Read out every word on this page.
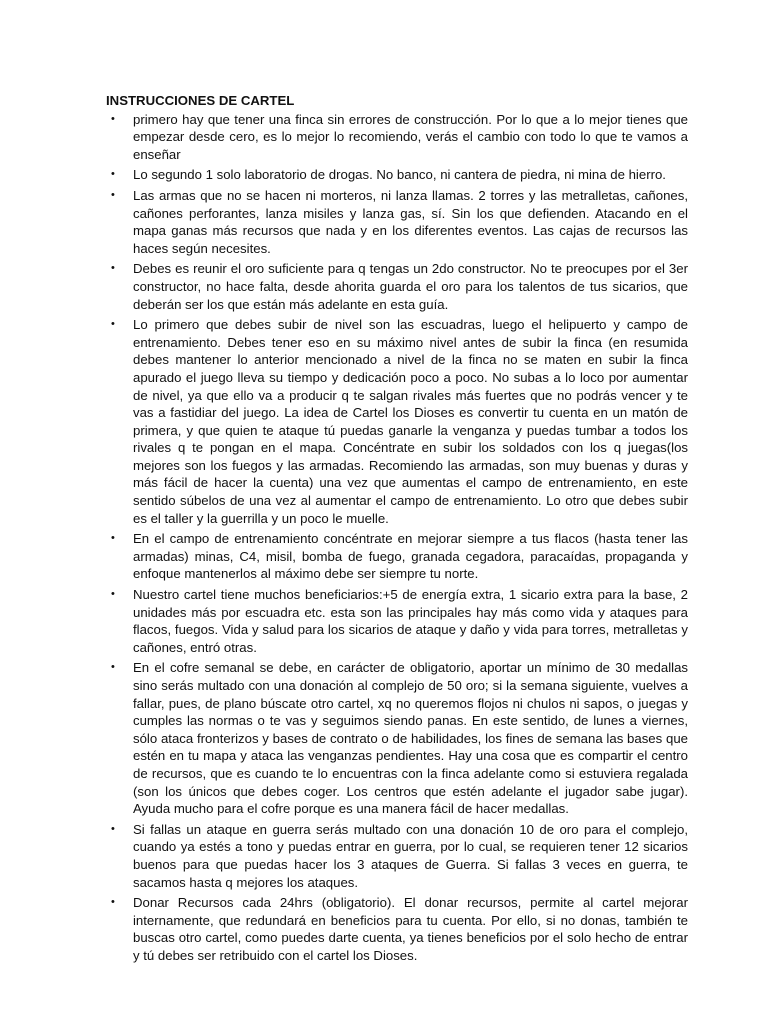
INSTRUCCIONES DE CARTEL
• primero hay que tener una finca sin errores de construcción. Por lo que a lo mejor tienes que empezar desde cero, es lo mejor lo recomiendo, verás el cambio con todo lo que te vamos a enseñar
• Lo segundo 1 solo laboratorio de drogas. No banco, ni cantera de piedra, ni mina de hierro.
• Las armas que no se hacen ni morteros, ni lanza llamas. 2 torres y las metralletas, cañones, cañones perforantes, lanza misiles y lanza gas, sí. Sin los que defienden. Atacando en el mapa ganas más recursos que nada y en los diferentes eventos. Las cajas de recursos las haces según necesites.
• Debes es reunir el oro suficiente para q tengas un 2do constructor. No te preocupes por el 3er constructor, no hace falta, desde ahorita guarda el oro para los talentos de tus sicarios, que deberán ser los que están más adelante en esta guía.
• Lo primero que debes subir de nivel son las escuadras, luego el helipuerto y campo de entrenamiento. Debes tener eso en su máximo nivel antes de subir la finca (en resumida debes mantener lo anterior mencionado a nivel de la finca no se maten en subir la finca apurado el juego lleva su tiempo y dedicación poco a poco. No subas a lo loco por aumentar de nivel, ya que ello va a producir q te salgan rivales más fuertes que no podrás vencer y te vas a fastidiar del juego. La idea de Cartel los Dioses es convertir tu cuenta en un matón de primera, y que quien te ataque tú puedas ganarle la venganza y puedas tumbar a todos los rivales q te pongan en el mapa. Concéntrate en subir los soldados con los q juegas(los mejores son los fuegos y las armadas. Recomiendo las armadas, son muy buenas y duras y más fácil de hacer la cuenta) una vez que aumentas el campo de entrenamiento, en este sentido súbelos de una vez al aumentar el campo de entrenamiento. Lo otro que debes subir es el taller y la guerrilla y un poco le muelle.
• En el campo de entrenamiento concéntrate en mejorar siempre a tus flacos (hasta tener las armadas) minas, C4, misil, bomba de fuego, granada cegadora, paracaídas, propaganda y enfoque mantenerlos al máximo debe ser siempre tu norte.
• Nuestro cartel tiene muchos beneficiarios:+5 de energía extra, 1 sicario extra para la base, 2 unidades más por escuadra etc. esta son las principales hay más como vida y ataques para flacos, fuegos. Vida y salud para los sicarios de ataque y daño y vida para torres, metralletas y cañones, entró otras.
• En el cofre semanal se debe, en carácter de obligatorio, aportar un mínimo de 30 medallas sino serás multado con una donación al complejo de 50 oro; si la semana siguiente, vuelves a fallar, pues, de plano búscate otro cartel, xq no queremos flojos ni chulos ni sapos, o juegas y cumples las normas o te vas y seguimos siendo panas. En este sentido, de lunes a viernes, sólo ataca fronterizos y bases de contrato o de habilidades, los fines de semana las bases que estén en tu mapa y ataca las venganzas pendientes. Hay una cosa que es compartir el centro de recursos, que es cuando te lo encuentras con la finca adelante como si estuviera regalada (son los únicos que debes coger. Los centros que estén adelante el jugador sabe jugar). Ayuda mucho para el cofre porque es una manera fácil de hacer medallas.
• Si fallas un ataque en guerra serás multado con una donación 10 de oro para el complejo, cuando ya estés a tono y puedas entrar en guerra, por lo cual, se requieren tener 12 sicarios buenos para que puedas hacer los 3 ataques de Guerra. Si fallas 3 veces en guerra, te sacamos hasta q mejores los ataques.
• Donar Recursos cada 24hrs (obligatorio). El donar recursos, permite al cartel mejorar internamente, que redundará en beneficios para tu cuenta. Por ello, si no donas, también te buscas otro cartel, como puedes darte cuenta, ya tienes beneficios por el solo hecho de entrar y tú debes ser retribuido con el cartel los Dioses.
